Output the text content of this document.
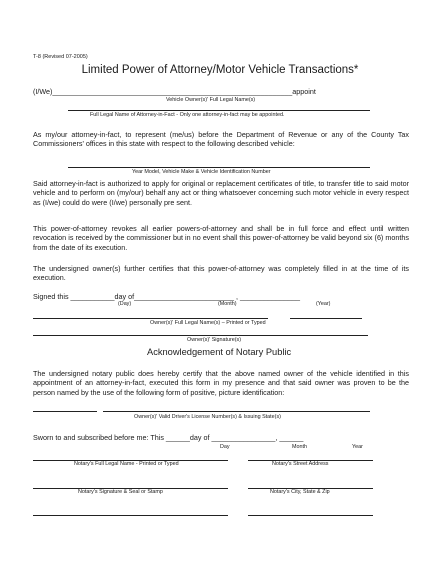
T-8 (Revised 07-2005)
Limited Power of Attorney/Motor Vehicle Transactions*
(I/We)____________________________________________________________appoint
Vehicle Owner(s)' Full Legal Name(s)
Full Legal Name of Attorney-in-Fact - Only one attorney-in-fact may be appointed.
As my/our attorney-in-fact, to represent (me/us) before the Department of Revenue or any of the County Tax Commissioners' offices in this state with respect to the following described vehicle:
Year Model, Vehicle Make & Vehicle Identification Number
Said attorney-in-fact is authorized to apply for original or replacement certificates of title, to transfer title to said motor vehicle and to perform on (my/our) behalf any act or thing whatsoever concerning such motor vehicle in every respect as (I/we) could do were (I/we) personally pre sent.
This power-of-attorney revokes all earlier powers-of-attorney and shall be in full force and effect until written revocation is received by the commissioner but in no event shall this power-of-attorney be valid beyond six (6) months from the date of its execution.
The undersigned owner(s) further certifies that this power-of-attorney was completely filled in at the time of its execution.
Signed this ___________day of_________________________ , _______________
(Day)	(Month)	(Year)
Owner(s)' Full Legal Name(s) – Printed or Typed
Owner(s)' Signature(s)
Acknowledgement of Notary Public
The undersigned notary public does hereby certify that the above named owner of the vehicle identified in this appointment of an attorney-in-fact, executed this form in my presence and that said owner was proven to be the person named by the use of the following form of positive, picture identification:
Owner(s)' Valid Driver's License Number(s) & Issuing State(s)
Sworn to and subscribed before me: This ______day of ________________, ______
Day	Month	Year
Notary's Full Legal Name - Printed or Typed	Notary's Street Address
Notary's Signature & Seal or Stamp	Notary's City, State & Zip
